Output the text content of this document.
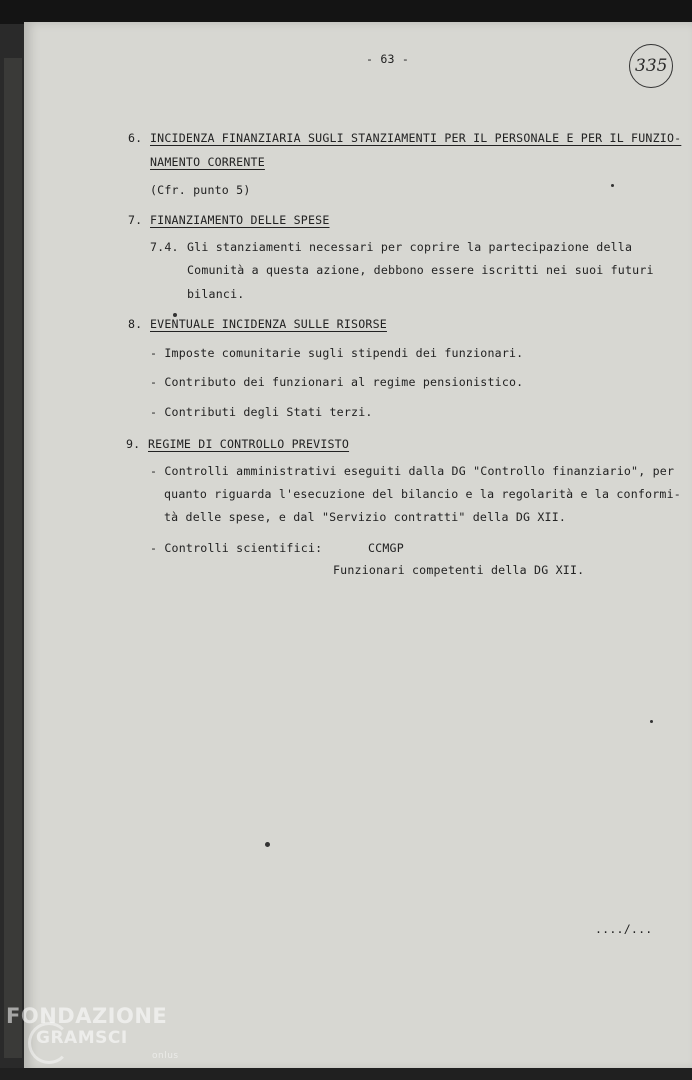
- 63 -	335
6. INCIDENZA FINANZIARIA SUGLI STANZIAMENTI PER IL PERSONALE E PER IL FUNZIO-
NAMENTO CORRENTE
(Cfr. punto 5)
7. FINANZIAMENTO DELLE SPESE
7.4. Gli stanziamenti necessari per coprire la partecipazione della
Comunità a questa azione, debbono essere iscritti nei suoi futuri
bilanci.
8. EVENTUALE INCIDENZA SULLE RISORSE
- Imposte comunitarie sugli stipendi dei funzionari.
- Contributo dei funzionari al regime pensionistico.
- Contributi degli Stati terzi.
9. REGIME DI CONTROLLO PREVISTO
- Controlli amministrativi eseguiti dalla DG "Controllo finanziario", per
quanto riguarda l'esecuzione del bilancio e la regolarità e la conformi-
tà delle spese, e dal "Servizio contratti" della DG XII.
- Controlli scientifici:	CCMGP
Funzionari competenti della DG XII.
..../...
FONDAZIONE
GRAMSCI
onlus
